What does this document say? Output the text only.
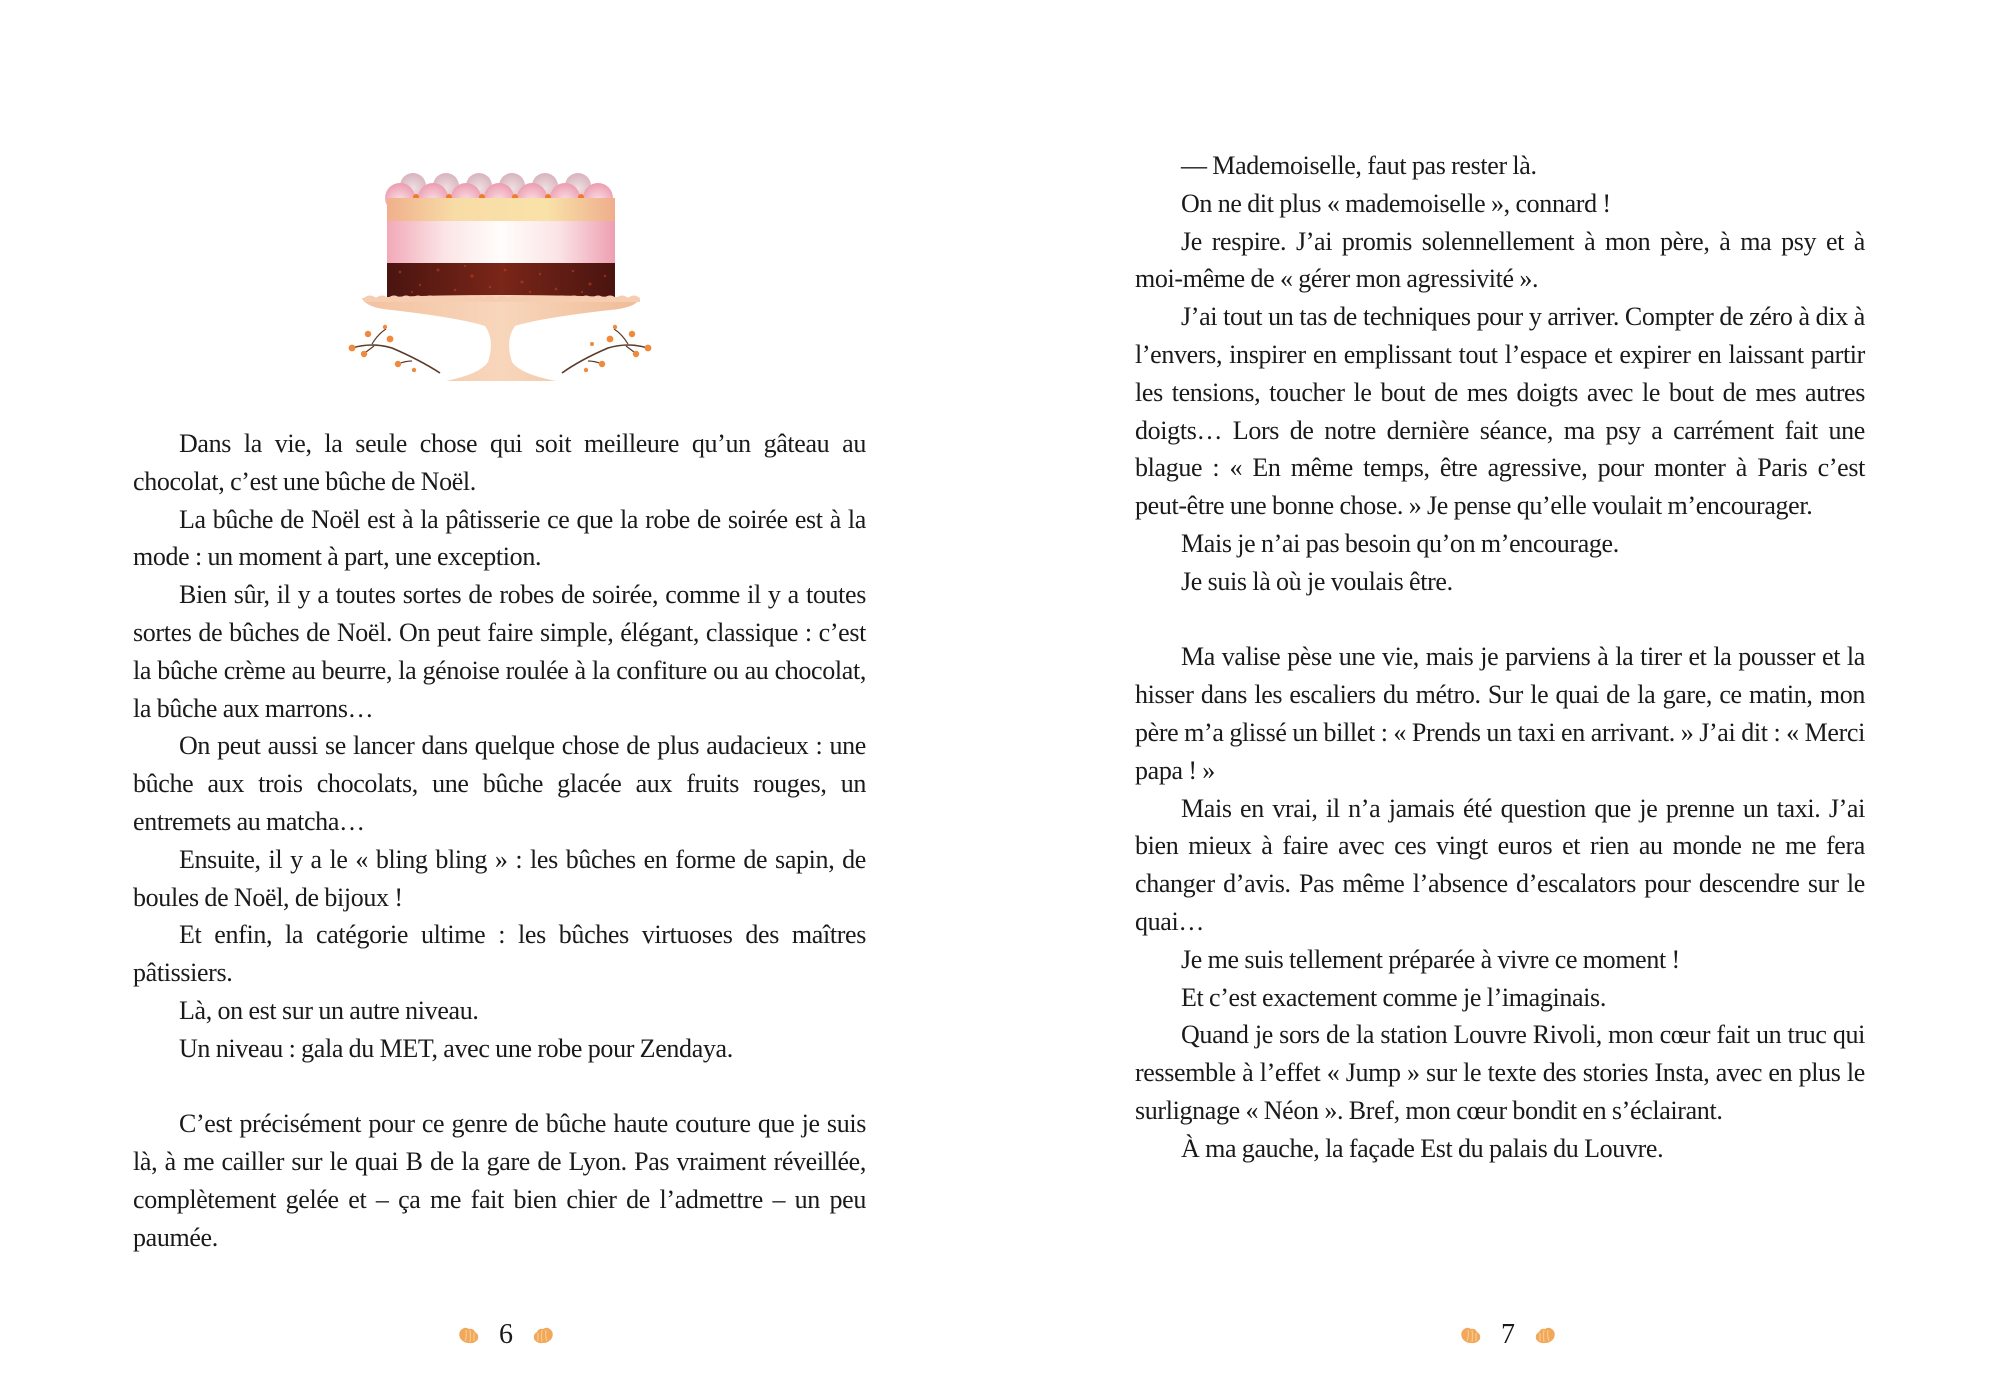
Dans la vie, la seule chose qui soit meilleure qu’un gâteau au chocolat, c’est une bûche de Noël.

La bûche de Noël est à la pâtisserie ce que la robe de soirée est à la mode : un moment à part, une exception.

Bien sûr, il y a toutes sortes de robes de soirée, comme il y a toutes sortes de bûches de Noël. On peut faire simple, élégant, classique : c’est la bûche crème au beurre, la génoise roulée à la confiture ou au chocolat, la bûche aux marrons…

On peut aussi se lancer dans quelque chose de plus audacieux : une bûche aux trois chocolats, une bûche glacée aux fruits rouges, un entremets au matcha…

Ensuite, il y a le « bling bling » : les bûches en forme de sapin, de boules de Noël, de bijoux !

Et enfin, la catégorie ultime : les bûches virtuoses des maîtres pâtissiers.

Là, on est sur un autre niveau.

Un niveau : gala du MET, avec une robe pour Zendaya.

C’est précisément pour ce genre de bûche haute couture que je suis là, à me cailler sur le quai B de la gare de Lyon. Pas vraiment réveillée, complètement gelée et – ça me fait bien chier de l’admettre – un peu paumée.

6

— Mademoiselle, faut pas rester là.

On ne dit plus « mademoiselle », connard !

Je respire. J’ai promis solennellement à mon père, à ma psy et à moi-même de « gérer mon agressivité ».

J’ai tout un tas de techniques pour y arriver. Compter de zéro à dix à l’envers, inspirer en emplissant tout l’espace et expirer en laissant partir les tensions, toucher le bout de mes doigts avec le bout de mes autres doigts… Lors de notre dernière séance, ma psy a carrément fait une blague : « En même temps, être agressive, pour monter à Paris c’est peut-être une bonne chose. » Je pense qu’elle voulait m’encourager.

Mais je n’ai pas besoin qu’on m’encourage.

Je suis là où je voulais être.

Ma valise pèse une vie, mais je parviens à la tirer et la pousser et la hisser dans les escaliers du métro. Sur le quai de la gare, ce matin, mon père m’a glissé un billet : « Prends un taxi en arrivant. » J’ai dit : « Merci papa ! »

Mais en vrai, il n’a jamais été question que je prenne un taxi. J’ai bien mieux à faire avec ces vingt euros et rien au monde ne me fera changer d’avis. Pas même l’absence d’escalators pour descendre sur le quai…

Je me suis tellement préparée à vivre ce moment !

Et c’est exactement comme je l’imaginais.

Quand je sors de la station Louvre Rivoli, mon cœur fait un truc qui ressemble à l’effet « Jump » sur le texte des stories Insta, avec en plus le surlignage « Néon ». Bref, mon cœur bondit en s’éclairant.

À ma gauche, la façade Est du palais du Louvre.

7
